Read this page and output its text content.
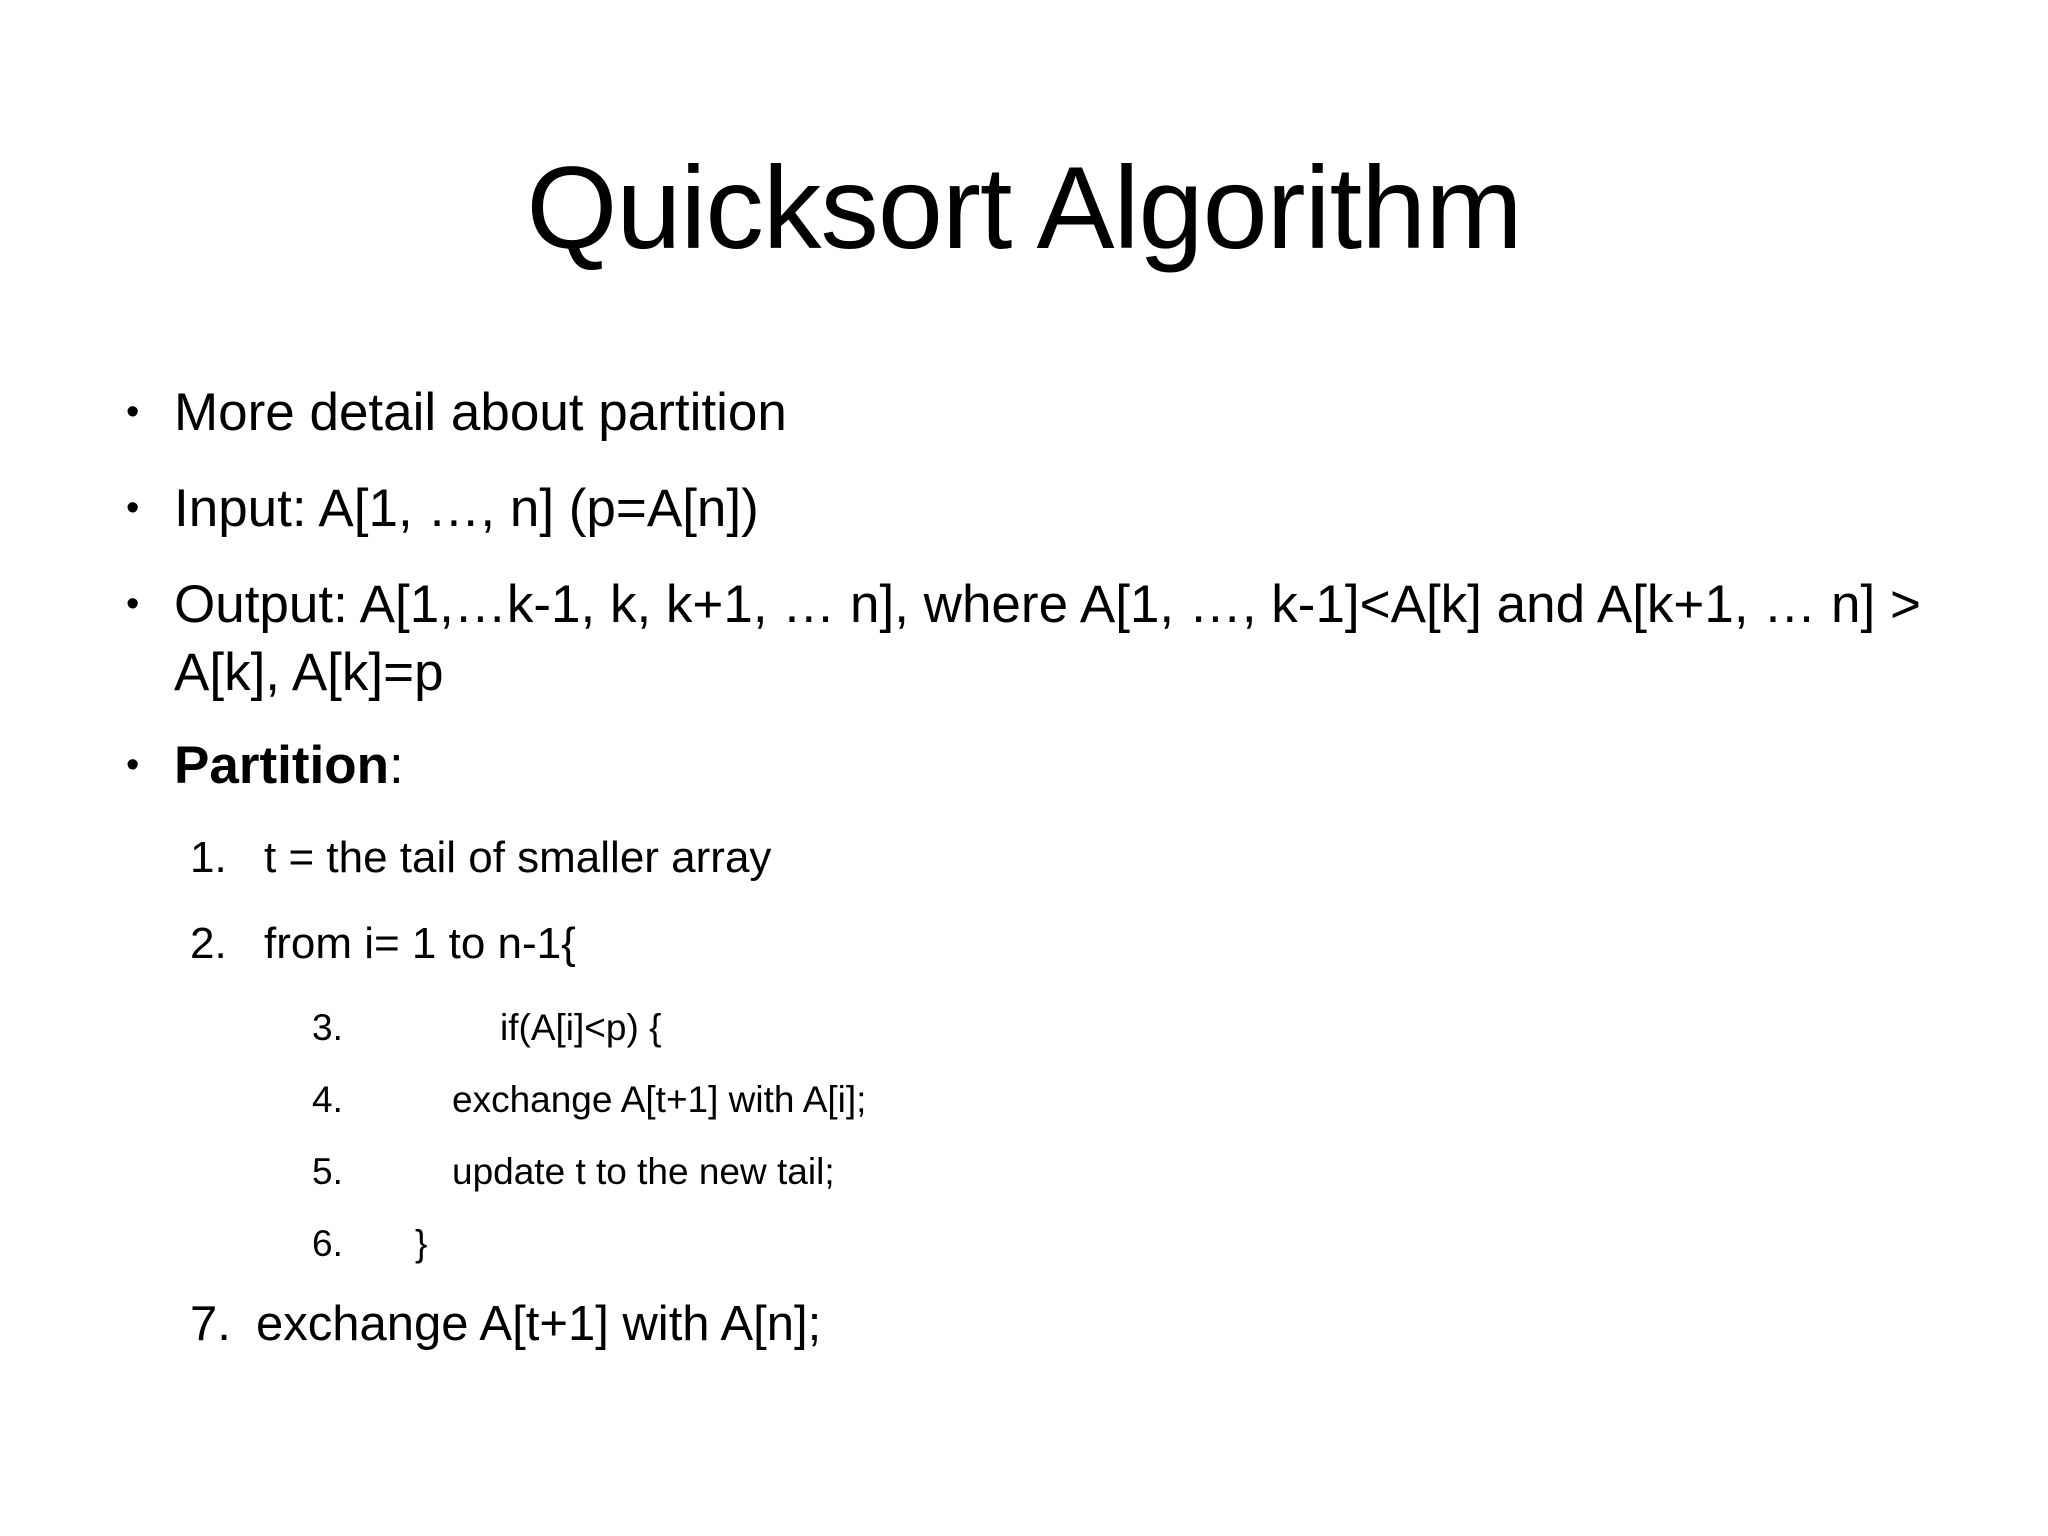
Quicksort Algorithm
• More detail about partition
• Input: A[1, …, n] (p=A[n])
• Output: A[1,…k-1, k, k+1, … n], where A[1, …, k-1]<A[k] and A[k+1, … n] >
A[k], A[k]=p
• Partition:
1. t = the tail of smaller array
2. from i= 1 to n-1{
3.	if(A[i]<p) {
4.	exchange A[t+1] with A[i];
5.	update t to the new tail;
6. }
7. exchange A[t+1] with A[n];
